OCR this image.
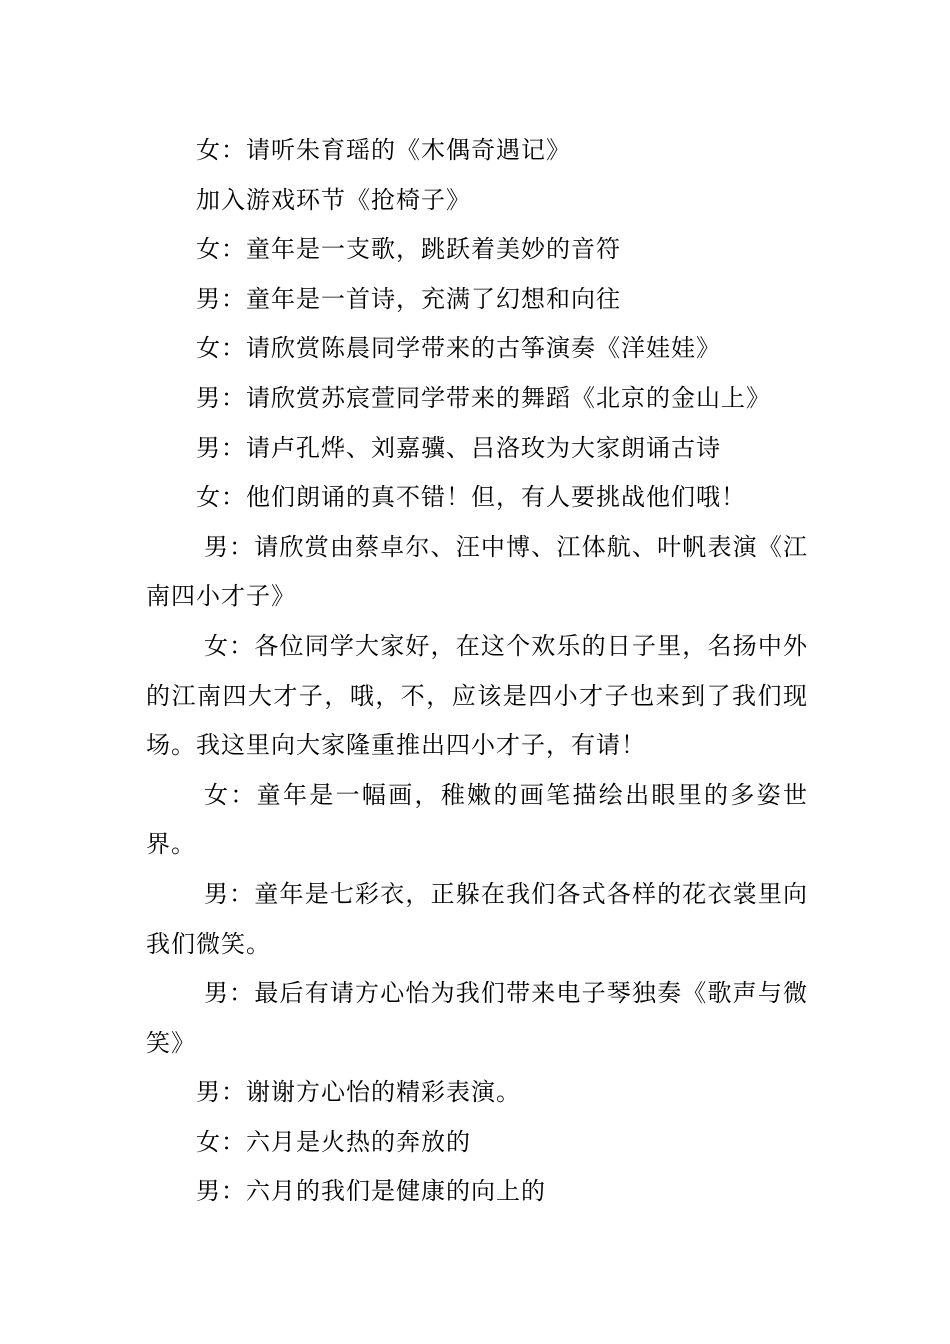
女：请听朱育瑶的《木偶奇遇记》

加入游戏环节《抢椅子》

女：童年是一支歌，跳跃着美妙的音符

男：童年是一首诗，充满了幻想和向往

女：请欣赏陈晨同学带来的古筝演奏《洋娃娃》

男：请欣赏苏宸萱同学带来的舞蹈《北京的金山上》

男：请卢孔烨、刘嘉骥、吕洛玫为大家朗诵古诗

女：他们朗诵的真不错！但，有人要挑战他们哦！

男：请欣赏由蔡卓尔、汪中博、江体航、叶帆表演《江南四小才子》

女：各位同学大家好，在这个欢乐的日子里，名扬中外的江南四大才子，哦，不，应该是四小才子也来到了我们现场。我这里向大家隆重推出四小才子，有请！

女：童年是一幅画，稚嫩的画笔描绘出眼里的多姿世界。

男：童年是七彩衣，正躲在我们各式各样的花衣裳里向我们微笑。

男：最后有请方心怡为我们带来电子琴独奏《歌声与微笑》

男：谢谢方心怡的精彩表演。

女：六月是火热的奔放的

男：六月的我们是健康的向上的
